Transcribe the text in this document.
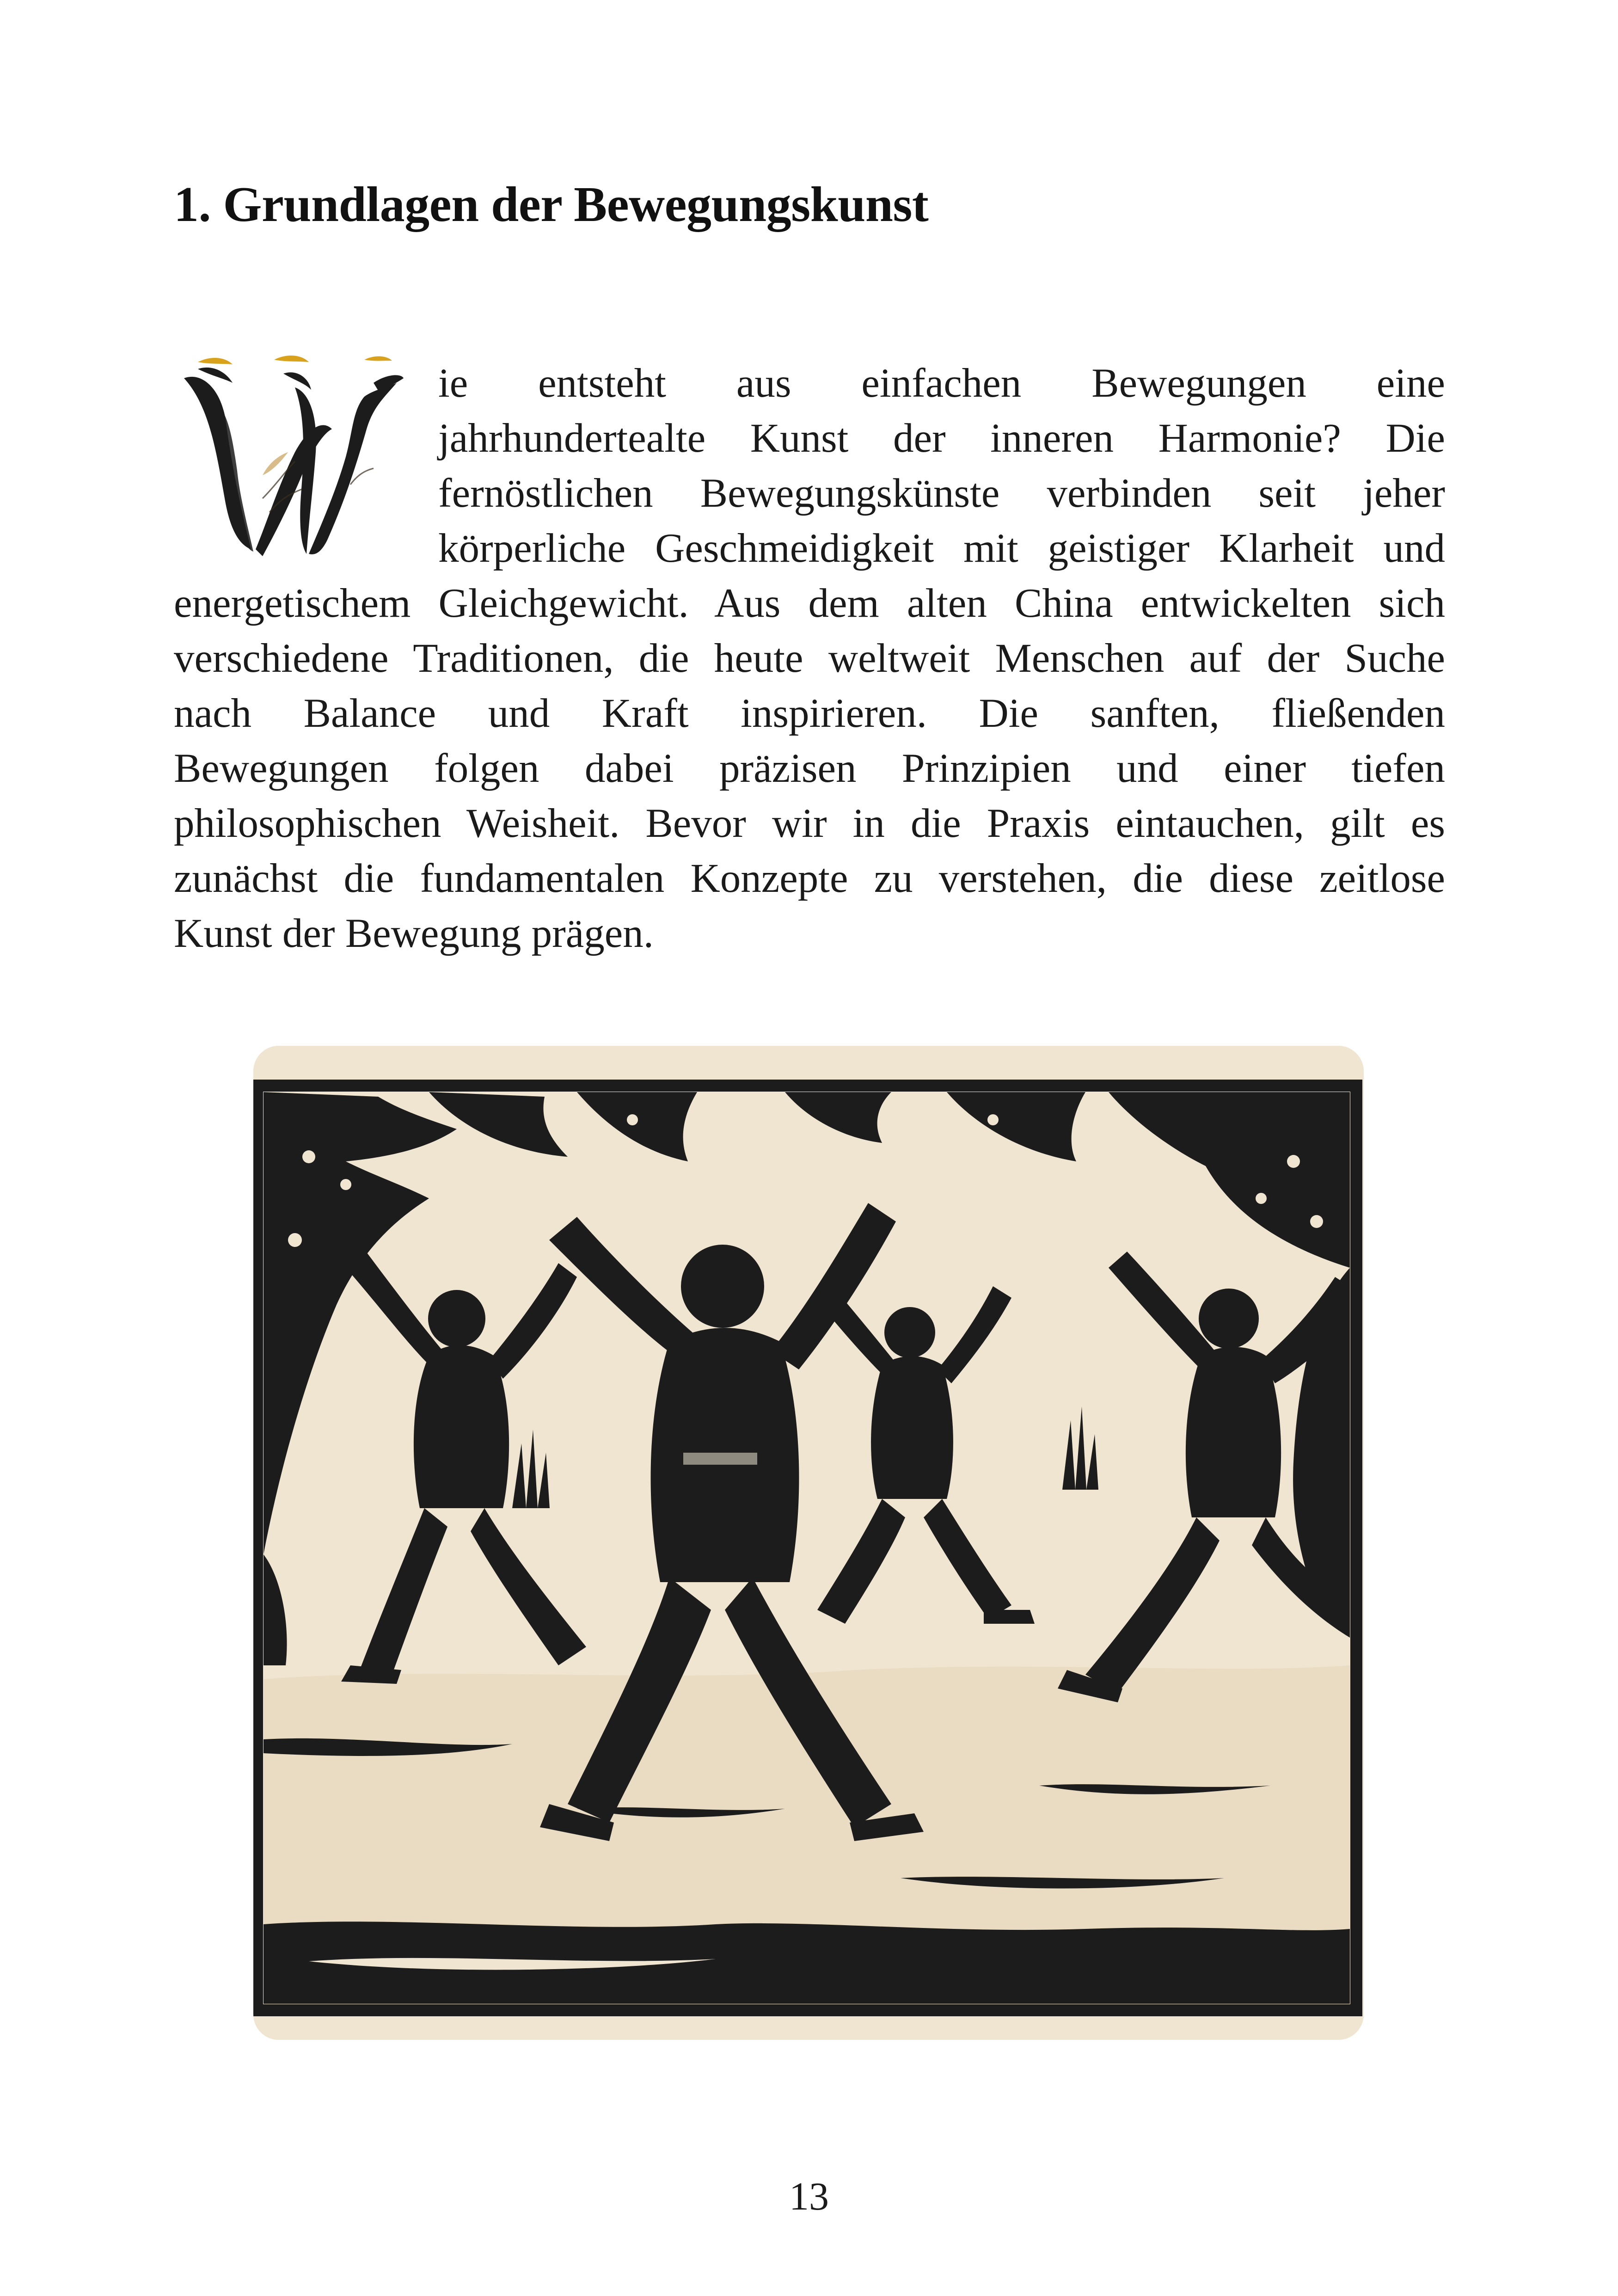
1. Grundlagen der Bewegungskunst
ie entsteht aus einfachen Bewegungen eine
jahrhundertealte Kunst der inneren Harmonie? Die
fernöstlichen Bewegungskünste verbinden seit jeher
körperliche Geschmeidigkeit mit geistiger Klarheit und
energetischem Gleichgewicht. Aus dem alten China entwickelten sich
verschiedene Traditionen, die heute weltweit Menschen auf der Suche
nach Balance und Kraft inspirieren. Die sanften, fließenden
Bewegungen folgen dabei präzisen Prinzipien und einer tiefen
philosophischen Weisheit. Bevor wir in die Praxis eintauchen, gilt es
zunächst die fundamentalen Konzepte zu verstehen, die diese zeitlose
Kunst der Bewegung prägen.
13
